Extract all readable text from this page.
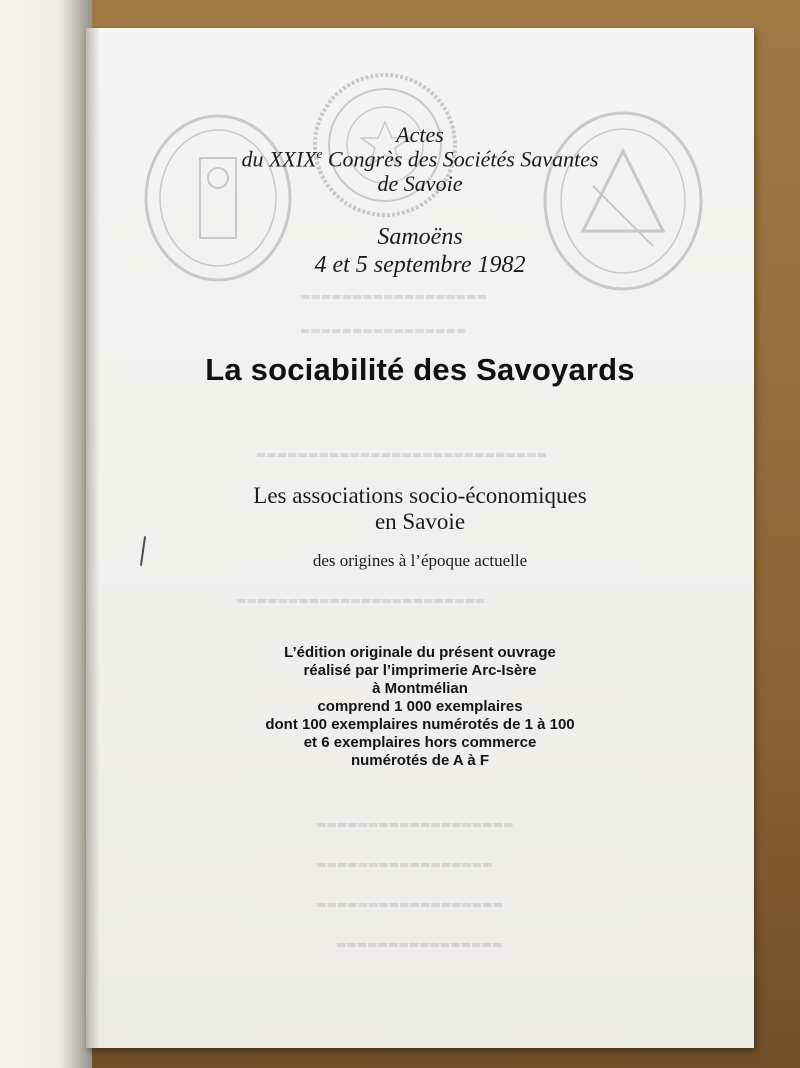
▬▬▬▬▬▬▬▬▬▬▬▬▬▬▬▬▬▬
▬▬▬▬▬▬▬▬▬▬▬▬▬▬▬▬
▬▬▬▬▬▬▬▬▬▬▬▬▬▬▬▬▬▬▬▬▬▬▬▬▬▬▬▬
▬▬▬▬▬▬▬▬▬▬▬▬▬▬▬▬▬▬▬▬▬▬▬▬
▬▬▬▬▬▬▬▬▬▬▬▬▬▬▬▬▬▬▬
▬▬▬▬▬▬▬▬▬▬▬▬▬▬▬▬▬
▬▬▬▬▬▬▬▬▬▬▬▬▬▬▬▬▬▬
▬▬▬▬▬▬▬▬▬▬▬▬▬▬▬▬
Actes
du XXIXe Congrès des Sociétés Savantes
de Savoie
Samoëns
4 et 5 septembre 1982
La sociabilité des Savoyards
Les associations socio-économiques
en Savoie
des origines à l’époque actuelle
L’édition originale du présent ouvrage
réalisé par l’imprimerie Arc-Isère
à Montmélian
comprend 1 000 exemplaires
dont 100 exemplaires numérotés de 1 à 100
et 6 exemplaires hors commerce
numérotés de A à F
